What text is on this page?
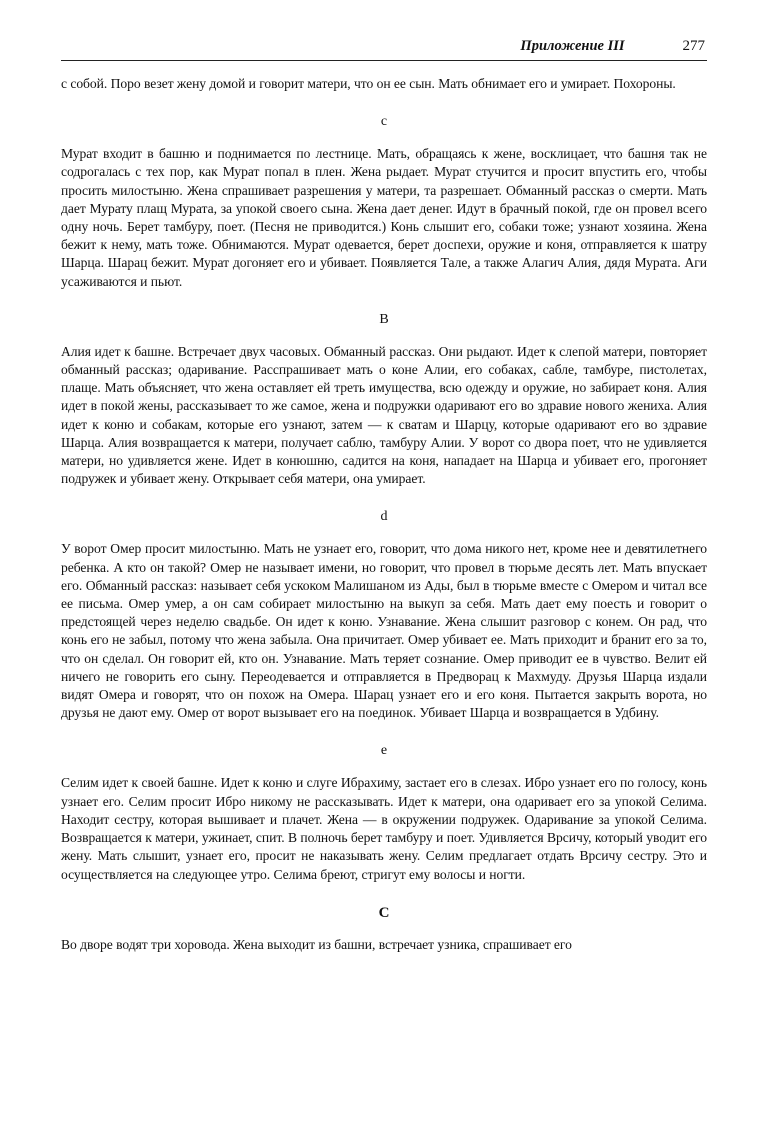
Приложение III	277

с собой. Поро везет жену домой и говорит матери, что он ее сын. Мать обнимает его и умирает. Похороны.

c

Мурат входит в башню и поднимается по лестнице. Мать, обращаясь к жене, восклицает, что башня так не содрогалась с тех пор, как Мурат попал в плен. Жена рыдает. Мурат стучится и просит впустить его, чтобы просить милостыню. Жена спрашивает разрешения у матери, та разрешает. Обманный рассказ о смерти. Мать дает Мурату плащ Мурата, за упокой своего сына. Жена дает денег. Идут в брачный покой, где он провел всего одну ночь. Берет тамбуру, поет. (Песня не приводится.) Конь слышит его, собаки тоже; узнают хозяина. Жена бежит к нему, мать тоже. Обнимаются. Мурат одевается, берет доспехи, оружие и коня, отправляется к шатру Шарца. Шарац бежит. Мурат догоняет его и убивает. Появляется Тале, а также Алагич Алия, дядя Мурата. Аги усаживаются и пьют.

B

Алия идет к башне. Встречает двух часовых. Обманный рассказ. Они рыдают. Идет к слепой матери, повторяет обманный рассказ; одаривание. Расспрашивает мать о коне Алии, его собаках, сабле, тамбуре, пистолетах, плаще. Мать объясняет, что жена оставляет ей треть имущества, всю одежду и оружие, но забирает коня. Алия идет в покой жены, рассказывает то же самое, жена и подружки одаривают его во здравие нового жениха. Алия идет к коню и собакам, которые его узнают, затем — к сватам и Шарцу, которые одаривают его во здравие Шарца. Алия возвращается к матери, получает саблю, тамбуру Алии. У ворот со двора поет, что не удивляется матери, но удивляется жене. Идет в конюшню, садится на коня, нападает на Шарца и убивает его, прогоняет подружек и убивает жену. Открывает себя матери, она умирает.

d

У ворот Омер просит милостыню. Мать не узнает его, говорит, что дома никого нет, кроме нее и девятилетнего ребенка. А кто он такой? Омер не называет имени, но говорит, что провел в тюрьме десять лет. Мать впускает его. Обманный рассказ: называет себя ускоком Малишаном из Ады, был в тюрьме вместе с Омером и читал все ее письма. Омер умер, а он сам собирает милостыню на выкуп за себя. Мать дает ему поесть и говорит о предстоящей через неделю свадьбе. Он идет к коню. Узнавание. Жена слышит разговор с конем. Он рад, что конь его не забыл, потому что жена забыла. Она причитает. Омер убивает ее. Мать приходит и бранит его за то, что он сделал. Он говорит ей, кто он. Узнавание. Мать теряет сознание. Омер приводит ее в чувство. Велит ей ничего не говорить его сыну. Переодевается и отправляется в Предворац к Махмуду. Друзья Шарца издали видят Омера и говорят, что он похож на Омера. Шарац узнает его и его коня. Пытается закрыть ворота, но друзья не дают ему. Омер от ворот вызывает его на поединок. Убивает Шарца и возвращается в Удбину.

e

Селим идет к своей башне. Идет к коню и слуге Ибрахиму, застает его в слезах. Ибро узнает его по голосу, конь узнает его. Селим просит Ибро никому не рассказывать. Идет к матери, она одаривает его за упокой Селима. Находит сестру, которая вышивает и плачет. Жена — в окружении подружек. Одаривание за упокой Селима. Возвращается к матери, ужинает, спит. В полночь берет тамбуру и поет. Удивляется Врсичу, который уводит его жену. Мать слышит, узнает его, просит не наказывать жену. Селим предлагает отдать Врсичу сестру. Это и осуществляется на следующее утро. Селима бреют, стригут ему волосы и ногти.

C

Во дворе водят три хоровода. Жена выходит из башни, встречает узника, спрашивает его
